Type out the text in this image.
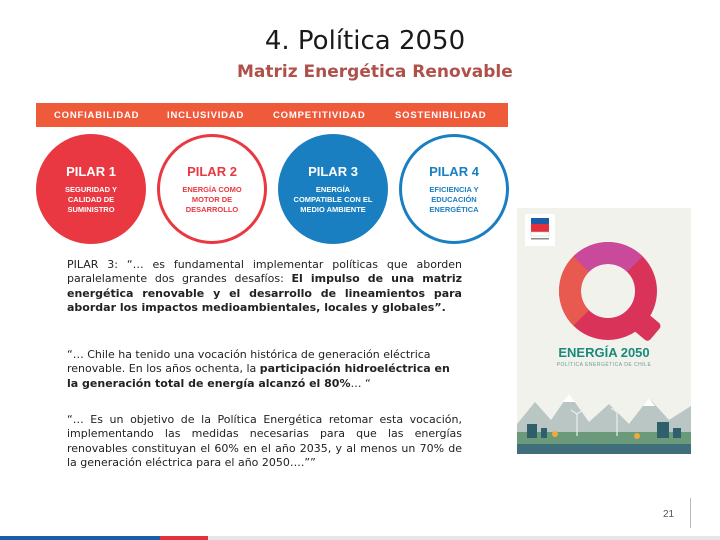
4. Política 2050
Matriz Energética Renovable
CONFIABILIDAD	INCLUSIVIDAD	COMPETITIVIDAD	SOSTENIBILIDAD
PILAR 1
SEGURIDAD Y CALIDAD DE SUMINISTRO
PILAR 2
ENERGÍA COMO MOTOR DE DESARROLLO
PILAR 3
ENERGÍA COMPATIBLE CON EL MEDIO AMBIENTE
PILAR 4
EFICIENCIA Y EDUCACIÓN ENERGÉTICA
PILAR 3: “… es fundamental implementar políticas que aborden paralelamente dos grandes desafíos: El impulso de una matriz energética renovable y el desarrollo de lineamientos para abordar los impactos medioambientales, locales y globales”.
“… Chile ha tenido una vocación histórica de generación eléctrica renovable. En los años ochenta, la participación hidroeléctrica en la generación total de energía alcanzó el 80%… “
“… Es un objetivo de la Política Energética retomar esta vocación, implementando las medidas necesarias para que las energías renovables constituyan el 60% en el año 2035, y al menos un 70% de la generación eléctrica para el año 2050….””
ENERGÍA 2050
POLÍTICA ENERGÉTICA DE CHILE
21
